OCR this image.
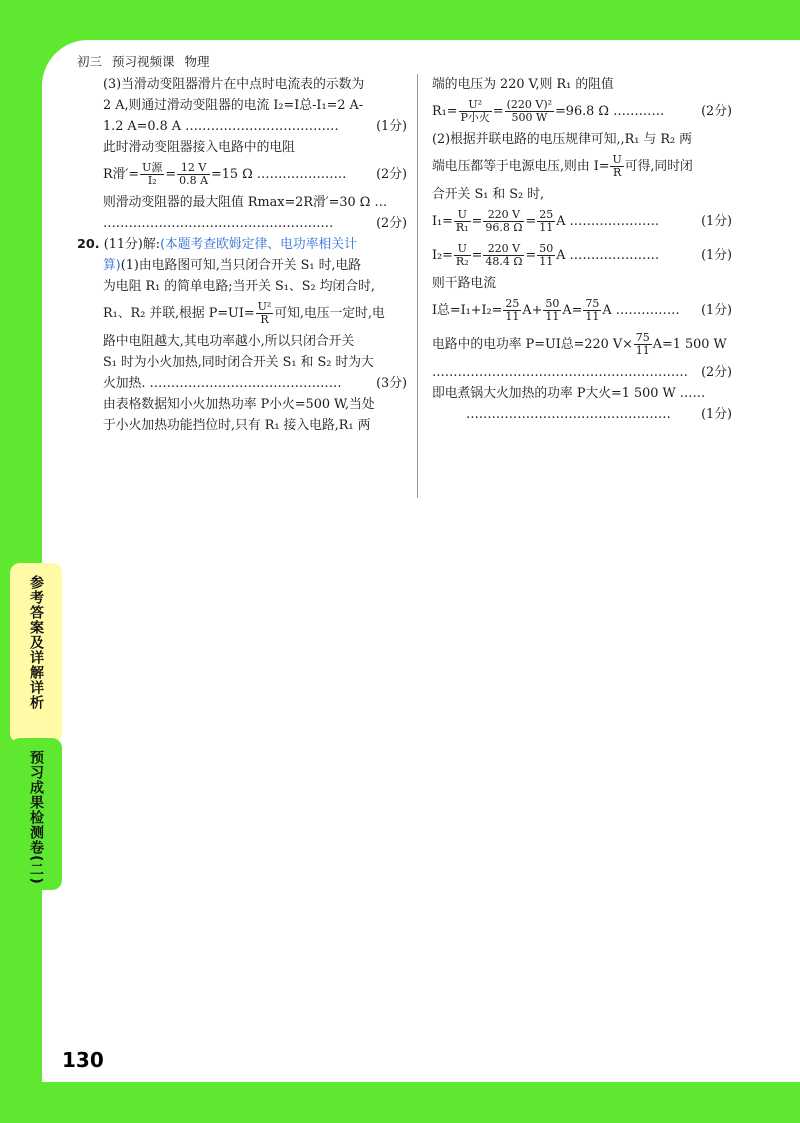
初三 预习视频课 物理
参考答案及详解详析
预习成果检测卷(二)
(3)当滑动变阻器滑片在中点时电流表的示数为
2 A,则通过滑动变阻器的电流 I₂=I总-I₁=2 A-
1.2 A=0.8 A ………………………………	(1分)
此时滑动变阻器接入电路中的电阻
R滑′= $\frac{\text{U源}}{\text{I₂}} = \frac{12 V}{0.8 A} =15$ Ω ………………… (2分)
则滑动变阻器的最大阻值 Rmax=2R滑′=30 Ω …
………………………………………………	(2分)
20. (11分)解:(本题考查欧姆定律、电功率相关计
算)(1)由电路图可知,当只闭合开关 S₁ 时,电路
为电阻 R₁ 的简单电路;当开关 S₁、S₂ 均闭合时,
R₁、R₂ 并联,根据 $P=UI= \frac{\text{U²}}{R}$ 可知,电压一定时,电
路中电阻越大,其电功率越小,所以只闭合开关
S₁ 时为小火加热,同时闭合开关 S₁ 和 S₂ 时为大
火加热. ………………………………………	(3分)
由表格数据知小火加热功率 P小火=500 W,当处
于小火加热功能挡位时,只有 R₁ 接入电路,R₁ 两
端的电压为 220 V,则 R₁ 的阻值
$R_1= \frac{\text{U²}}{\text{P小火}} = \frac{\text{(220 V)²}}{500 W} =96.8$ Ω …………	(2分)
(2)根据并联电路的电压规律可知,,R₁ 与 R₂ 两
端电压都等于电源电压,则由 $I= \frac{U}{R}$ 可得,同时闭
合开关 S₁ 和 S₂ 时,
$I_1= \frac{U}{\text{R₁}} = \frac{220 V}{96.8 \Omega} = \frac{25}{11}$ A …………………	(1分)
$I_2= \frac{U}{\text{R₂}} = \frac{220 V}{48.4 \Omega} = \frac{50}{11}$ A …………………	(1分)
则干路电流
I总$=I_1+I_2= \frac{25}{11} A+ \frac{50}{11} A= \frac{75}{11}$ A …………… (1分)
电路中的电功率 P=UI总=220 $V\times \frac{75}{11} A=1$ 500 W
…………………………………………………… (2分)
即电煮锅大火加热的功率 P大火=1 500 W ……
………………………………………… (1分)
130
